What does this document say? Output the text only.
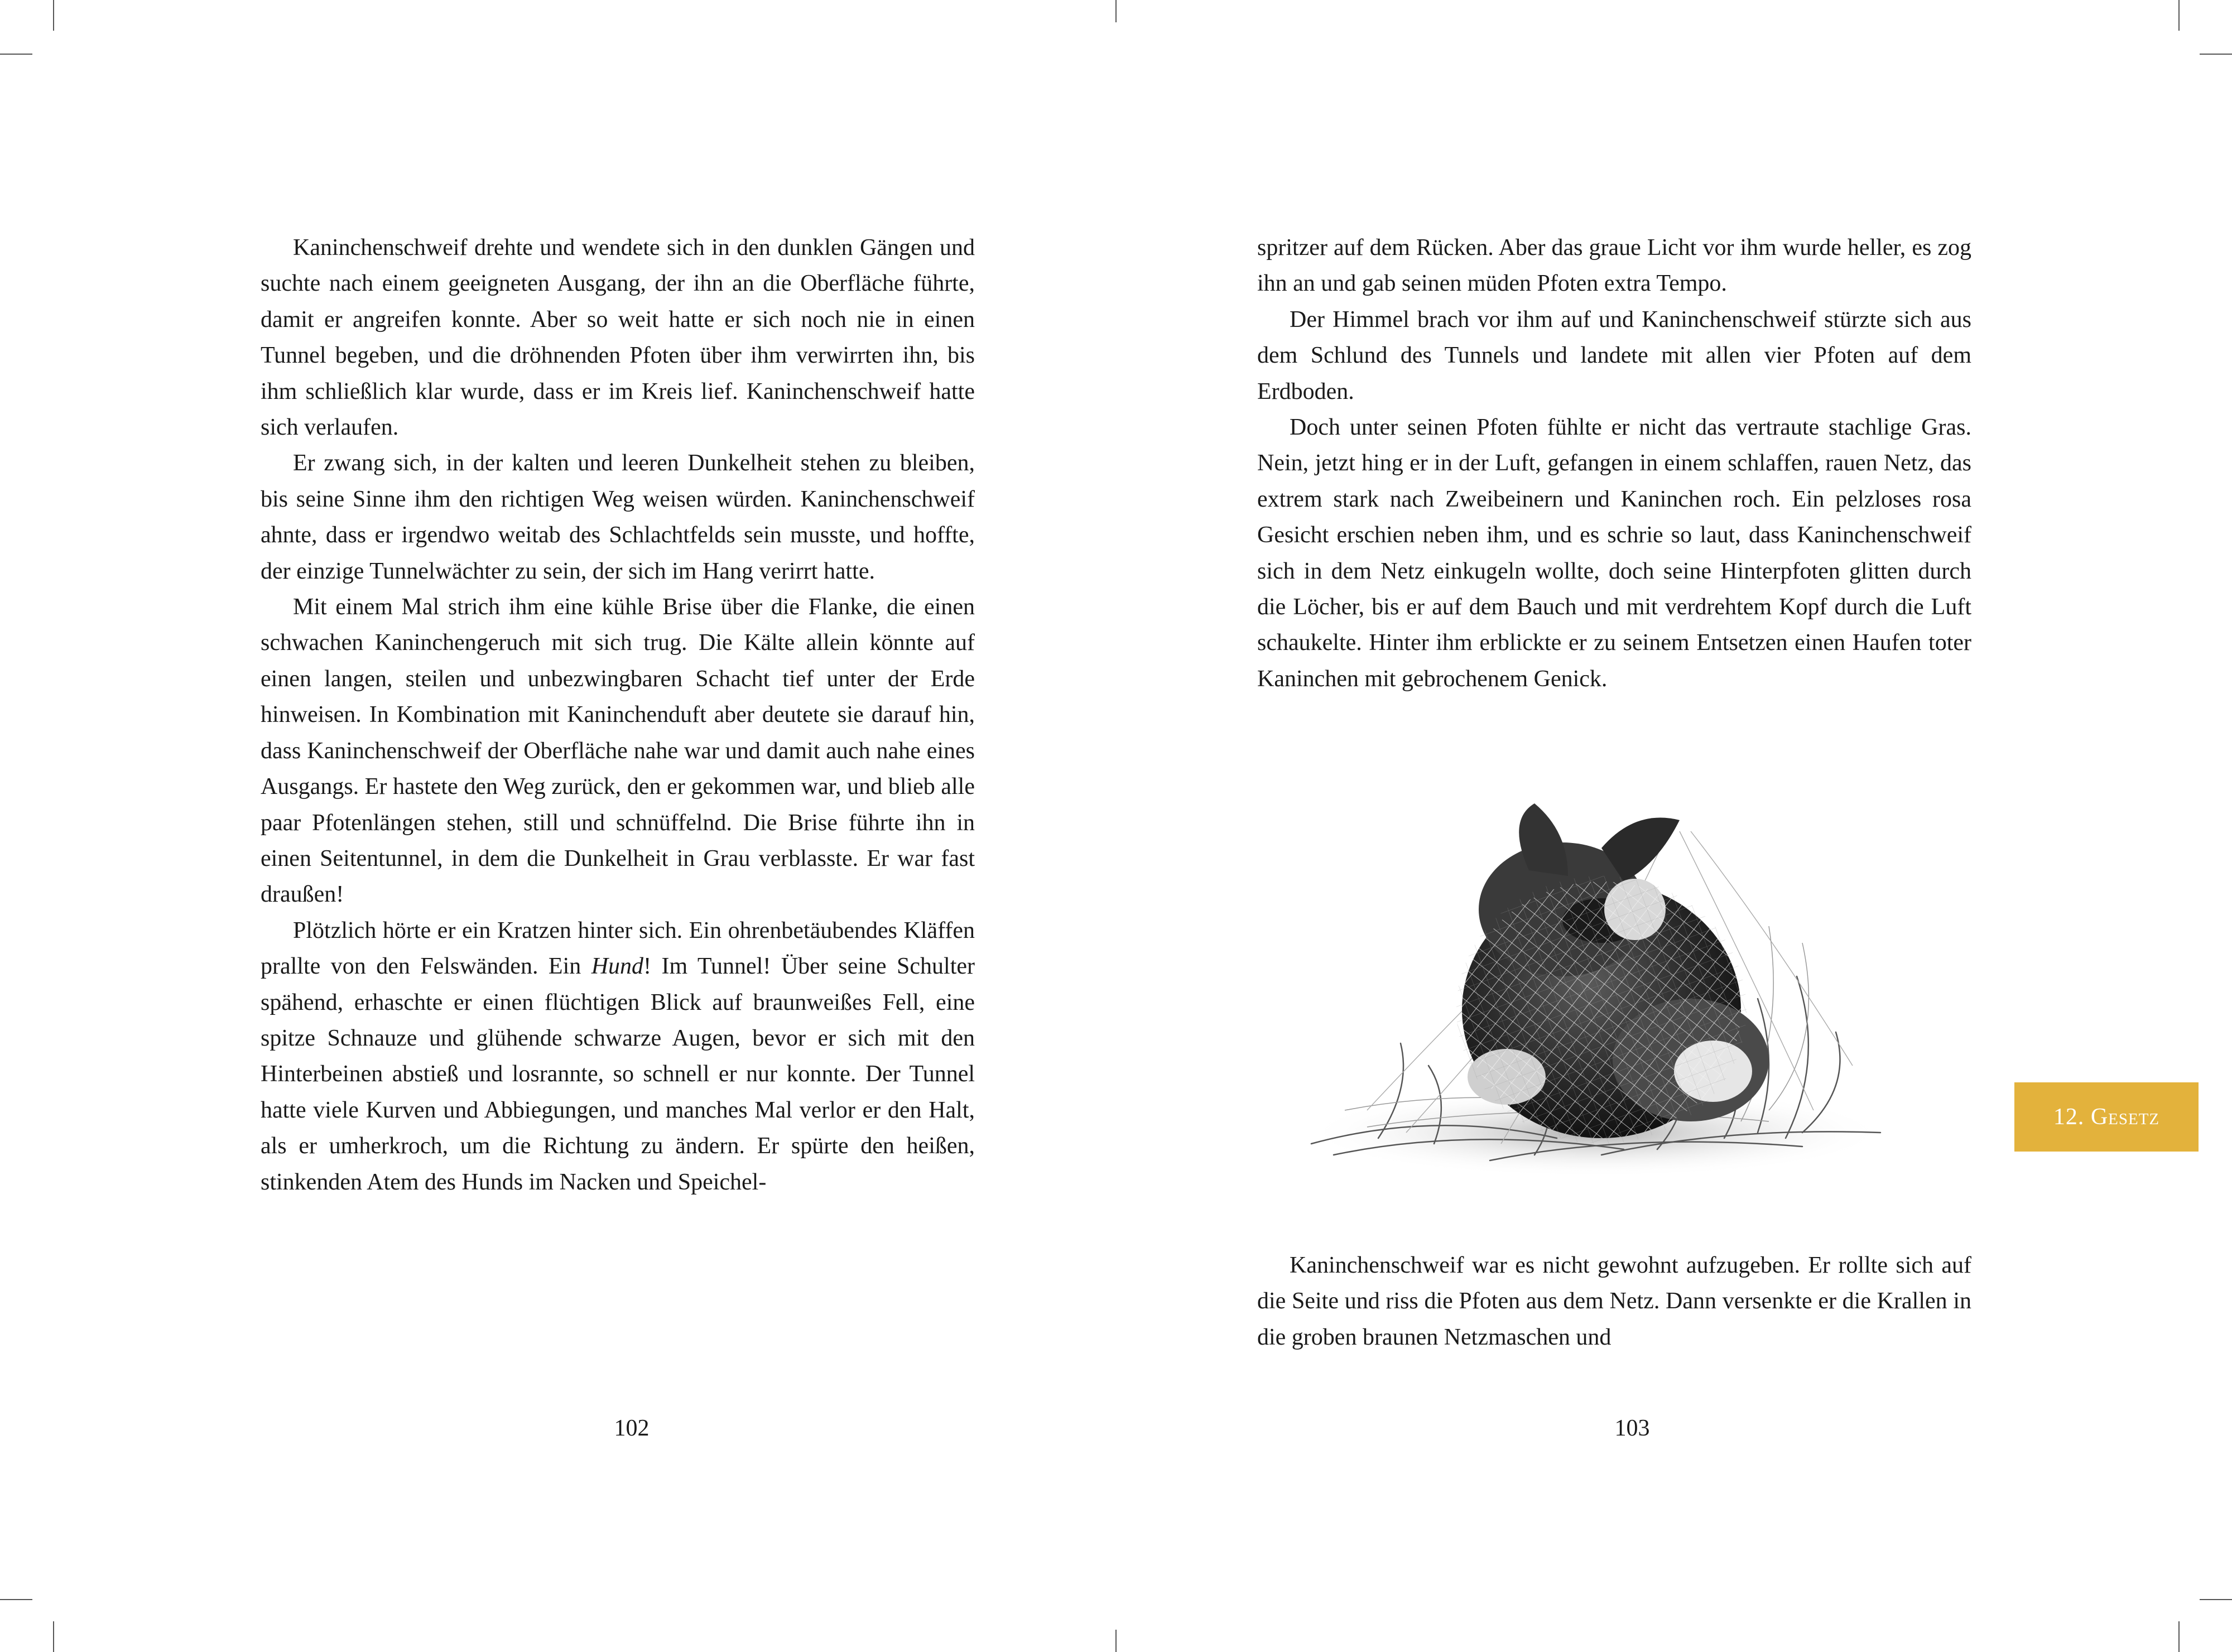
Kaninchenschweif drehte und wendete sich in den dunklen Gängen und suchte nach einem geeigneten Ausgang, der ihn an die Oberfläche führte, damit er angreifen konnte. Aber so weit hatte er sich noch nie in einen Tunnel begeben, und die dröhnenden Pfoten über ihm verwirrten ihn, bis ihm schließlich klar wurde, dass er im Kreis lief. Kaninchenschweif hatte sich verlaufen.

Er zwang sich, in der kalten und leeren Dunkelheit stehen zu bleiben, bis seine Sinne ihm den richtigen Weg weisen würden. Kaninchenschweif ahnte, dass er irgendwo weitab des Schlachtfelds sein musste, und hoffte, der einzige Tunnelwächter zu sein, der sich im Hang verirrt hatte.

Mit einem Mal strich ihm eine kühle Brise über die Flanke, die einen schwachen Kaninchengeruch mit sich trug. Die Kälte allein könnte auf einen langen, steilen und unbezwingbaren Schacht tief unter der Erde hinweisen. In Kombination mit Kaninchenduft aber deutete sie darauf hin, dass Kaninchenschweif der Oberfläche nahe war und damit auch nahe eines Ausgangs. Er hastete den Weg zurück, den er gekommen war, und blieb alle paar Pfotenlängen stehen, still und schnüffelnd. Die Brise führte ihn in einen Seitentunnel, in dem die Dunkelheit in Grau verblasste. Er war fast draußen!

Plötzlich hörte er ein Kratzen hinter sich. Ein ohrenbetäubendes Kläffen prallte von den Felswänden. Ein Hund! Im Tunnel! Über seine Schulter spähend, erhaschte er einen flüchtigen Blick auf braunweißes Fell, eine spitze Schnauze und glühende schwarze Augen, bevor er sich mit den Hinterbeinen abstieß und losrannte, so schnell er nur konnte. Der Tunnel hatte viele Kurven und Abbiegungen, und manches Mal verlor er den Halt, als er umherkroch, um die Richtung zu ändern. Er spürte den heißen, stinkenden Atem des Hunds im Nacken und Speichel-

102

spritzer auf dem Rücken. Aber das graue Licht vor ihm wurde heller, es zog ihn an und gab seinen müden Pfoten extra Tempo.

Der Himmel brach vor ihm auf und Kaninchenschweif stürzte sich aus dem Schlund des Tunnels und landete mit allen vier Pfoten auf dem Erdboden.

Doch unter seinen Pfoten fühlte er nicht das vertraute stachlige Gras. Nein, jetzt hing er in der Luft, gefangen in einem schlaffen, rauen Netz, das extrem stark nach Zweibeinern und Kaninchen roch. Ein pelzloses rosa Gesicht erschien neben ihm, und es schrie so laut, dass Kaninchenschweif sich in dem Netz einkugeln wollte, doch seine Hinterpfoten glitten durch die Löcher, bis er auf dem Bauch und mit verdrehtem Kopf durch die Luft schaukelte. Hinter ihm erblickte er zu seinem Entsetzen einen Haufen toter Kaninchen mit gebrochenem Genick.

Kaninchenschweif war es nicht gewohnt aufzugeben. Er rollte sich auf die Seite und riss die Pfoten aus dem Netz. Dann versenkte er die Krallen in die groben braunen Netzmaschen und

103
12. Gesetz
